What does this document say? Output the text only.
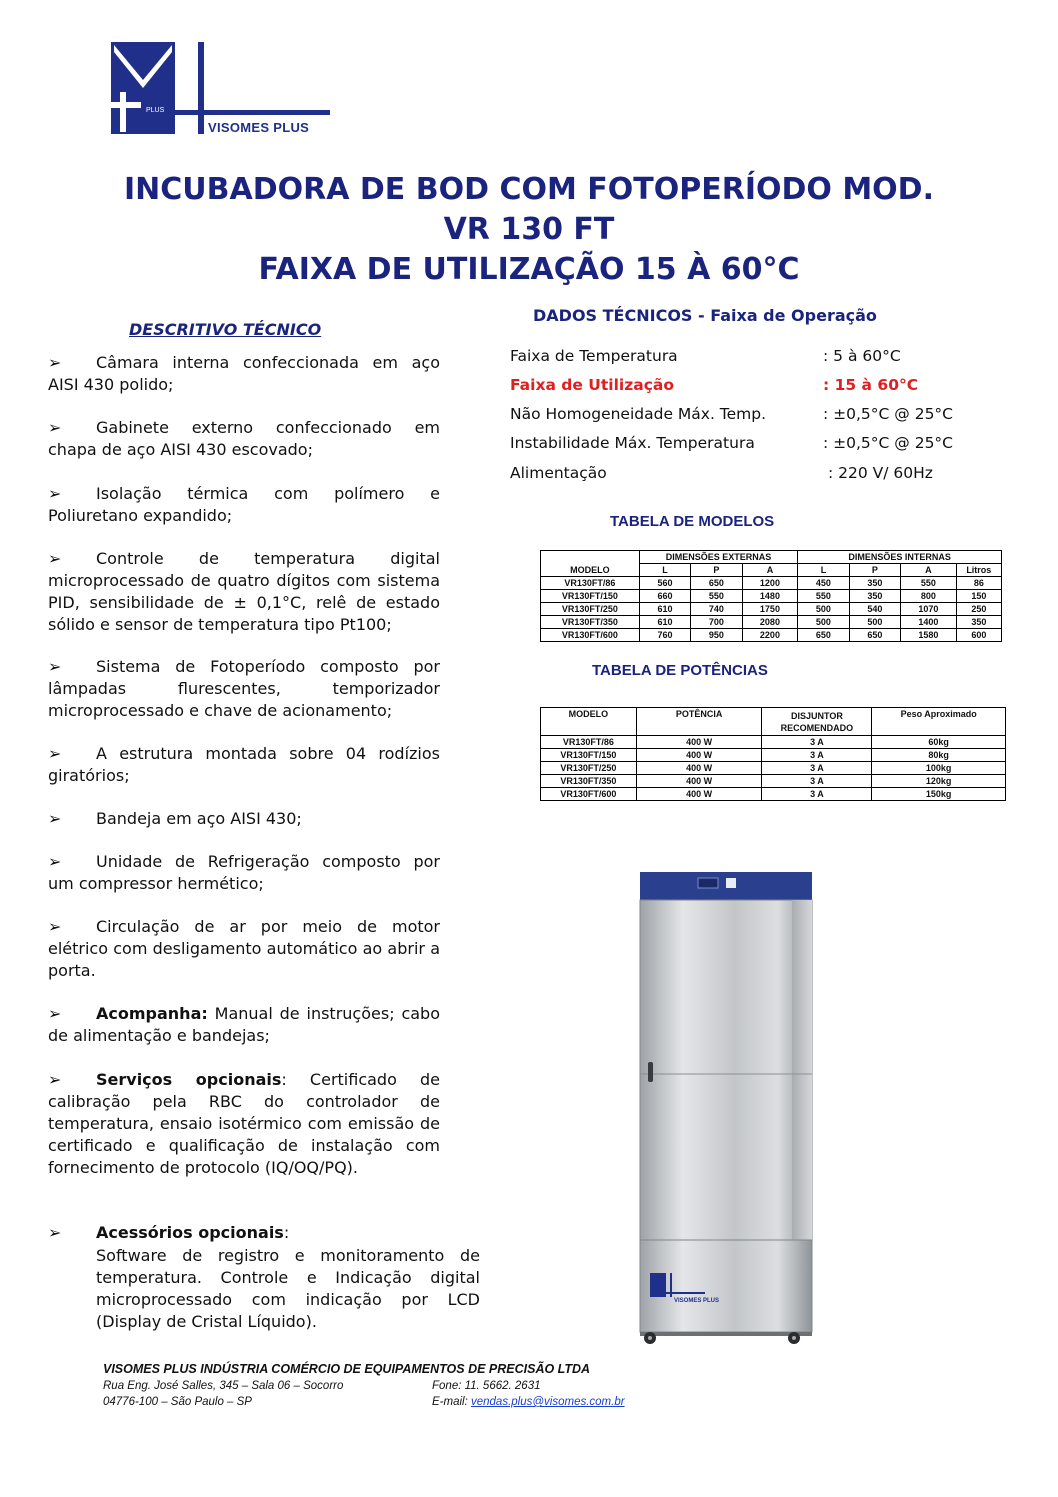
PLUS
VISOMES PLUS
INCUBADORA DE BOD COM FOTOPERÍODO MOD.
VR 130 FT
FAIXA DE UTILIZAÇÃO 15 À 60°C
DESCRITIVO TÉCNICO
➢ Câmara interna confeccionada em aço AISI 430 polido;
➢ Gabinete externo confeccionado em chapa de aço AISI 430 escovado;
➢ Isolação térmica com polímero e Poliuretano expandido;
➢ Controle de temperatura digital microprocessado de quatro dígitos com sistema PID, sensibilidade de ± 0,1°C, relê de estado sólido e sensor de temperatura tipo Pt100;
➢ Sistema de Fotoperíodo composto por lâmpadas flurescentes, temporizador microprocessado e chave de acionamento;
➢ A estrutura montada sobre 04 rodízios giratórios;
➢ Bandeja em aço AISI 430;
➢ Unidade de Refrigeração composto por um compressor hermético;
➢ Circulação de ar por meio de motor elétrico com desligamento automático ao abrir a porta.
➢ Acompanha: Manual de instruções; cabo de alimentação e bandejas;
➢ Serviços opcionais: Certificado de calibração pela RBC do controlador de temperatura, ensaio isotérmico com emissão de certificado e qualificação de instalação com fornecimento de protocolo (IQ/OQ/PQ).
➢ Acessórios opcionais:
Software de registro e monitoramento de temperatura. Controle e Indicação digital microprocessado com indicação por LCD (Display de Cristal Líquido).
DADOS TÉCNICOS - Faixa de Operação
Faixa de Temperatura	: 5 à 60°C
Faixa de Utilização	: 15 à 60°C
Não Homogeneidade Máx. Temp.	: ±0,5°C @ 25°C
Instabilidade Máx. Temperatura	: ±0,5°C @ 25°C
Alimentação	: 220 V/ 60Hz
TABELA DE MODELOS
	DIMENSÕES EXTERNAS			DIMENSÕES INTERNAS			
MODELO	L	P	A	L	P	A	Litros
VR130FT/86	560	650	1200	450	350	550	86
VR130FT/150	660	550	1480	550	350	800	150
VR130FT/250	610	740	1750	500	540	1070	250
VR130FT/350	610	700	2080	500	500	1400	350
VR130FT/600	760	950	2200	650	650	1580	600
TABELA DE POTÊNCIAS
MODELO	POTÊNCIA	DISJUNTOR RECOMENDADO	Peso Aproximado
VR130FT/86	400 W	3 A	60kg
VR130FT/150	400 W	3 A	80kg
VR130FT/250	400 W	3 A	100kg
VR130FT/350	400 W	3 A	120kg
VR130FT/600	400 W	3 A	150kg
VISOMES PLUS
VISOMES PLUS INDÚSTRIA COMÉRCIO DE EQUIPAMENTOS DE PRECISÃO LTDA
Rua Eng. José Salles, 345 – Sala 06 – Socorro
04776-100 – São Paulo – SP
Fone: 11. 5662. 2631
E-mail: vendas.plus@visomes.com.br
